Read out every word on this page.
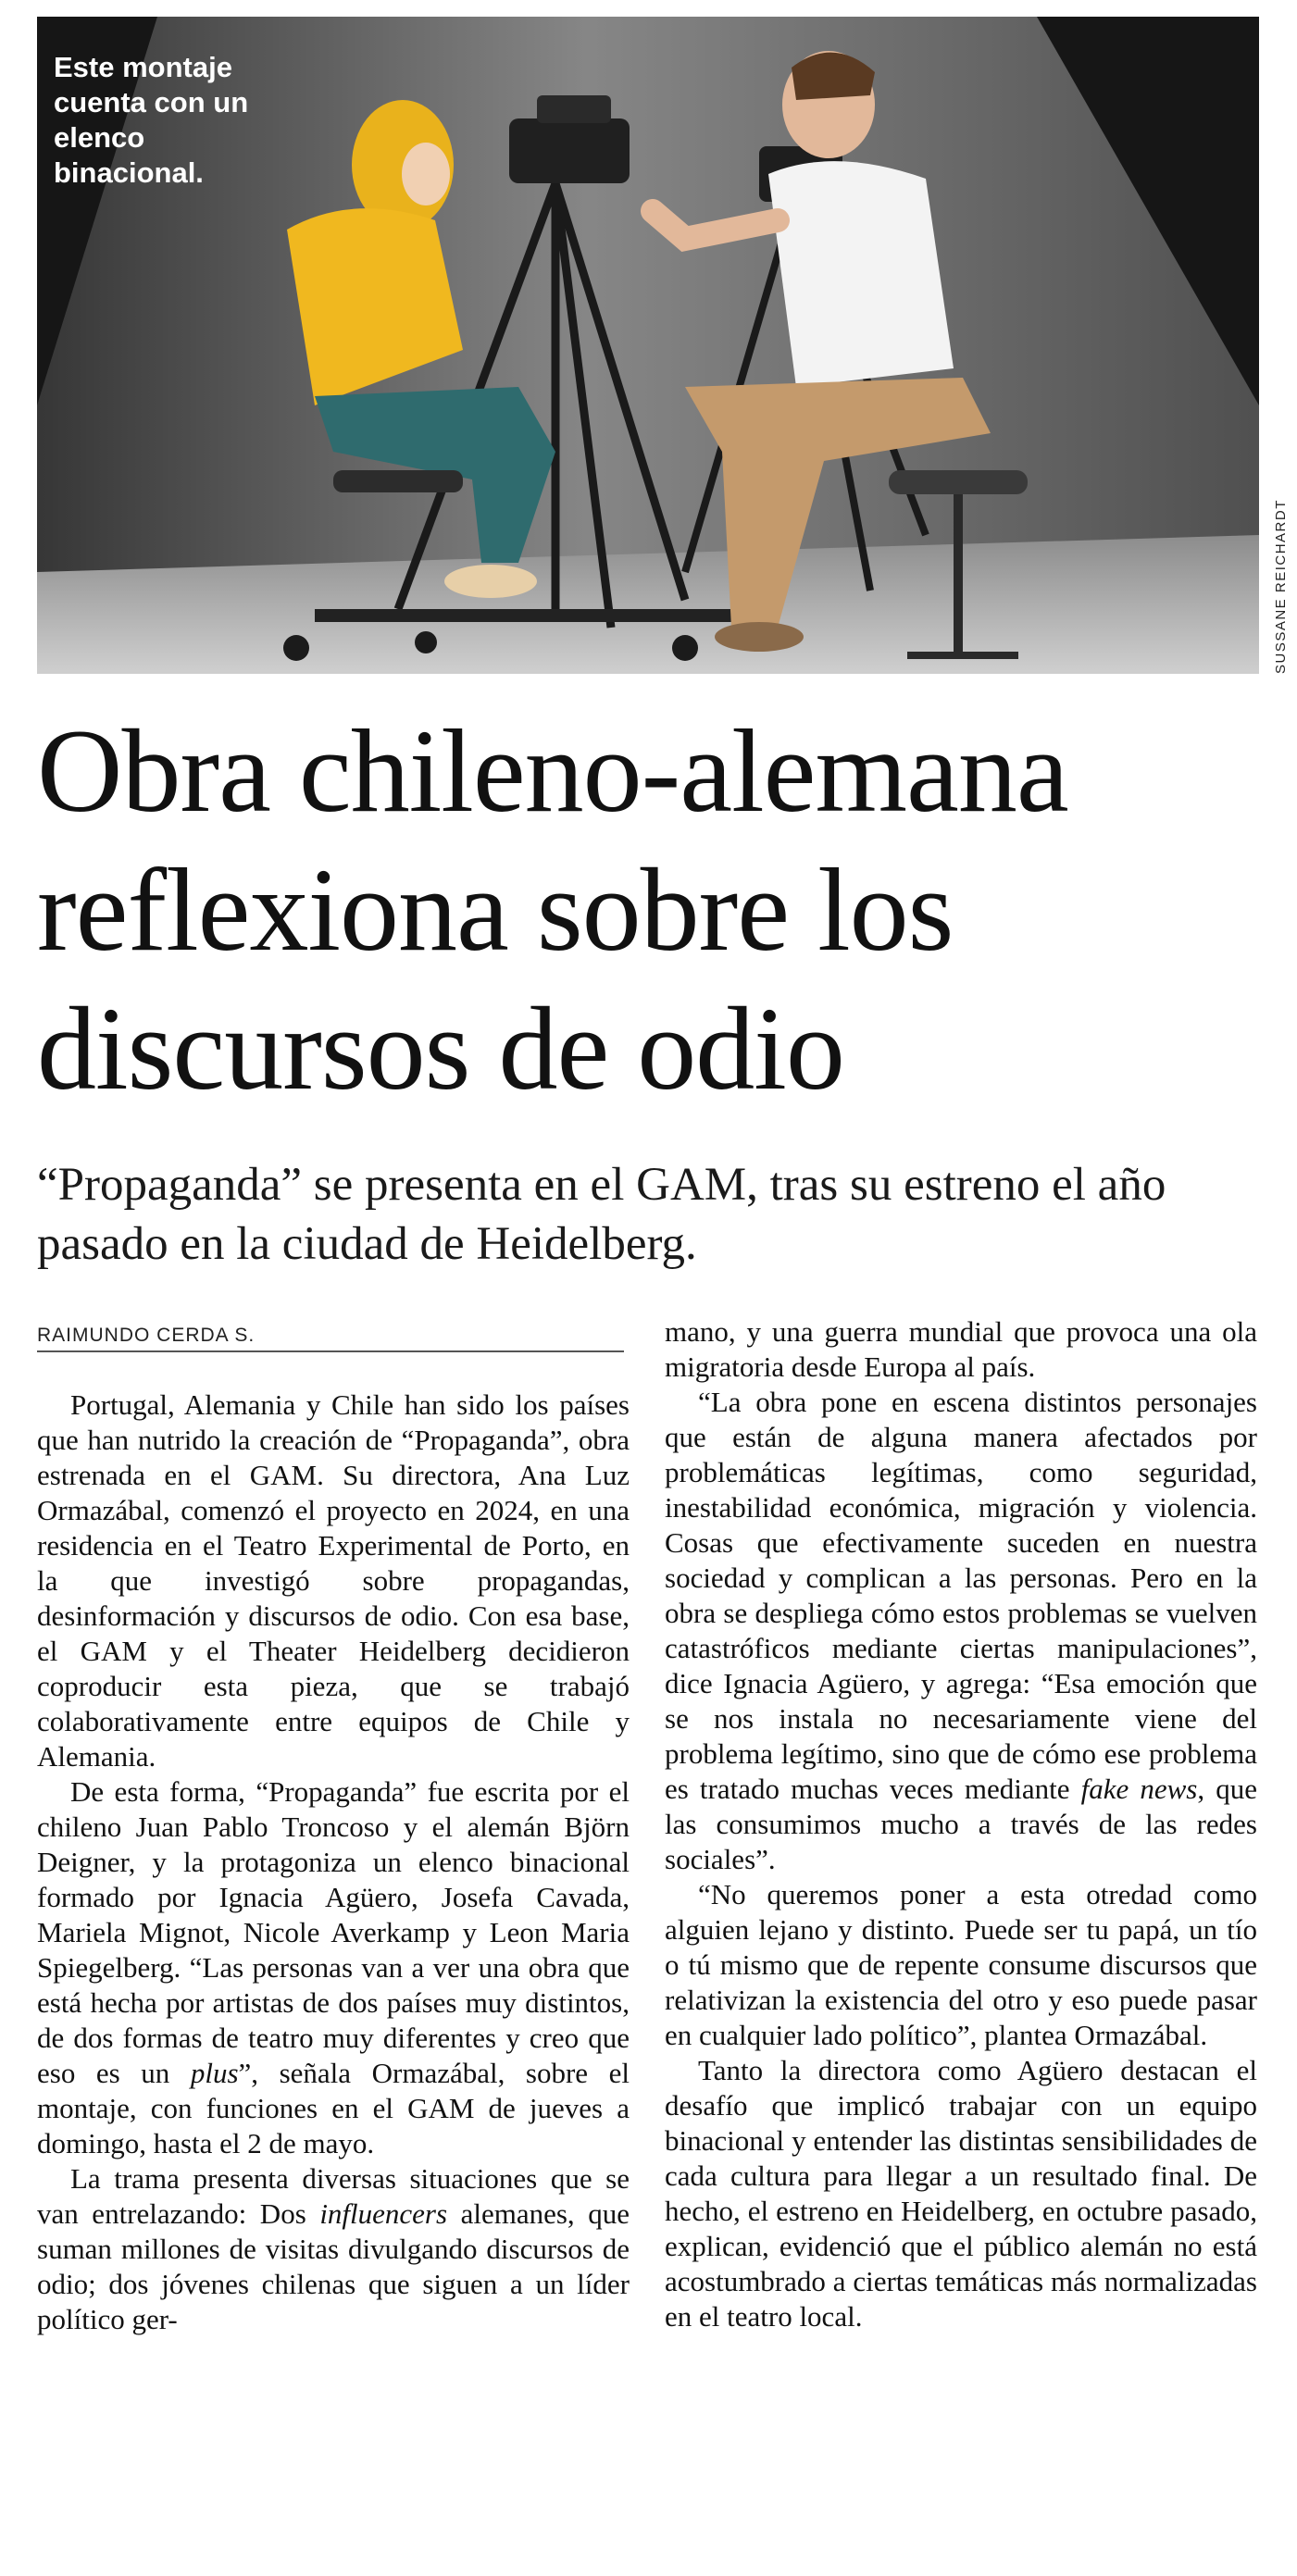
Este montaje cuenta con un elenco binacional.

SUSSANE REICHARDT
Obra chileno-alemana reflexiona sobre los discursos de odio

“Propaganda” se presenta en el GAM, tras su estreno el año pasado en la ciudad de Heidelberg.

RAIMUNDO CERDA S.

Portugal, Alemania y Chile han sido los países que han nutrido la creación de “Propaganda”, obra estrenada en el GAM. Su directora, Ana Luz Ormazábal, comenzó el proyecto en 2024, en una residencia en el Teatro Experimental de Porto, en la que investigó sobre propagandas, desinformación y discursos de odio. Con esa base, el GAM y el Theater Heidelberg decidieron coproducir esta pieza, que se trabajó colaborativamente entre equipos de Chile y Alemania.

De esta forma, “Propaganda” fue escrita por el chileno Juan Pablo Troncoso y el alemán Björn Deigner, y la protagoniza un elenco binacional formado por Ignacia Agüero, Josefa Cavada, Mariela Mignot, Nicole Averkamp y Leon Maria Spiegelberg. “Las personas van a ver una obra que está hecha por artistas de dos países muy distintos, de dos formas de teatro muy diferentes y creo que eso es un plus”, señala Ormazábal, sobre el montaje, con funciones en el GAM de jueves a domingo, hasta el 2 de mayo.

La trama presenta diversas situaciones que se van entrelazando: Dos influencers alemanes, que suman millones de visitas divulgando discursos de odio; dos jóvenes chilenas que siguen a un líder político ger-

mano, y una guerra mundial que provoca una ola migratoria desde Europa al país.

“La obra pone en escena distintos personajes que están de alguna manera afectados por problemáticas legítimas, como seguridad, inestabilidad económica, migración y violencia. Cosas que efectivamente suceden en nuestra sociedad y complican a las personas. Pero en la obra se despliega cómo estos problemas se vuelven catastróficos mediante ciertas manipulaciones”, dice Ignacia Agüero, y agrega: “Esa emoción que se nos instala no necesariamente viene del problema legítimo, sino que de cómo ese problema es tratado muchas veces mediante fake news, que las consumimos mucho a través de las redes sociales”.

“No queremos poner a esta otredad como alguien lejano y distinto. Puede ser tu papá, un tío o tú mismo que de repente consume discursos que relativizan la existencia del otro y eso puede pasar en cualquier lado político”, plantea Ormazábal.

Tanto la directora como Agüero destacan el desafío que implicó trabajar con un equipo binacional y entender las distintas sensibilidades de cada cultura para llegar a un resultado final. De hecho, el estreno en Heidelberg, en octubre pasado, explican, evidenció que el público alemán no está acostumbrado a ciertas temáticas más normalizadas en el teatro local.
